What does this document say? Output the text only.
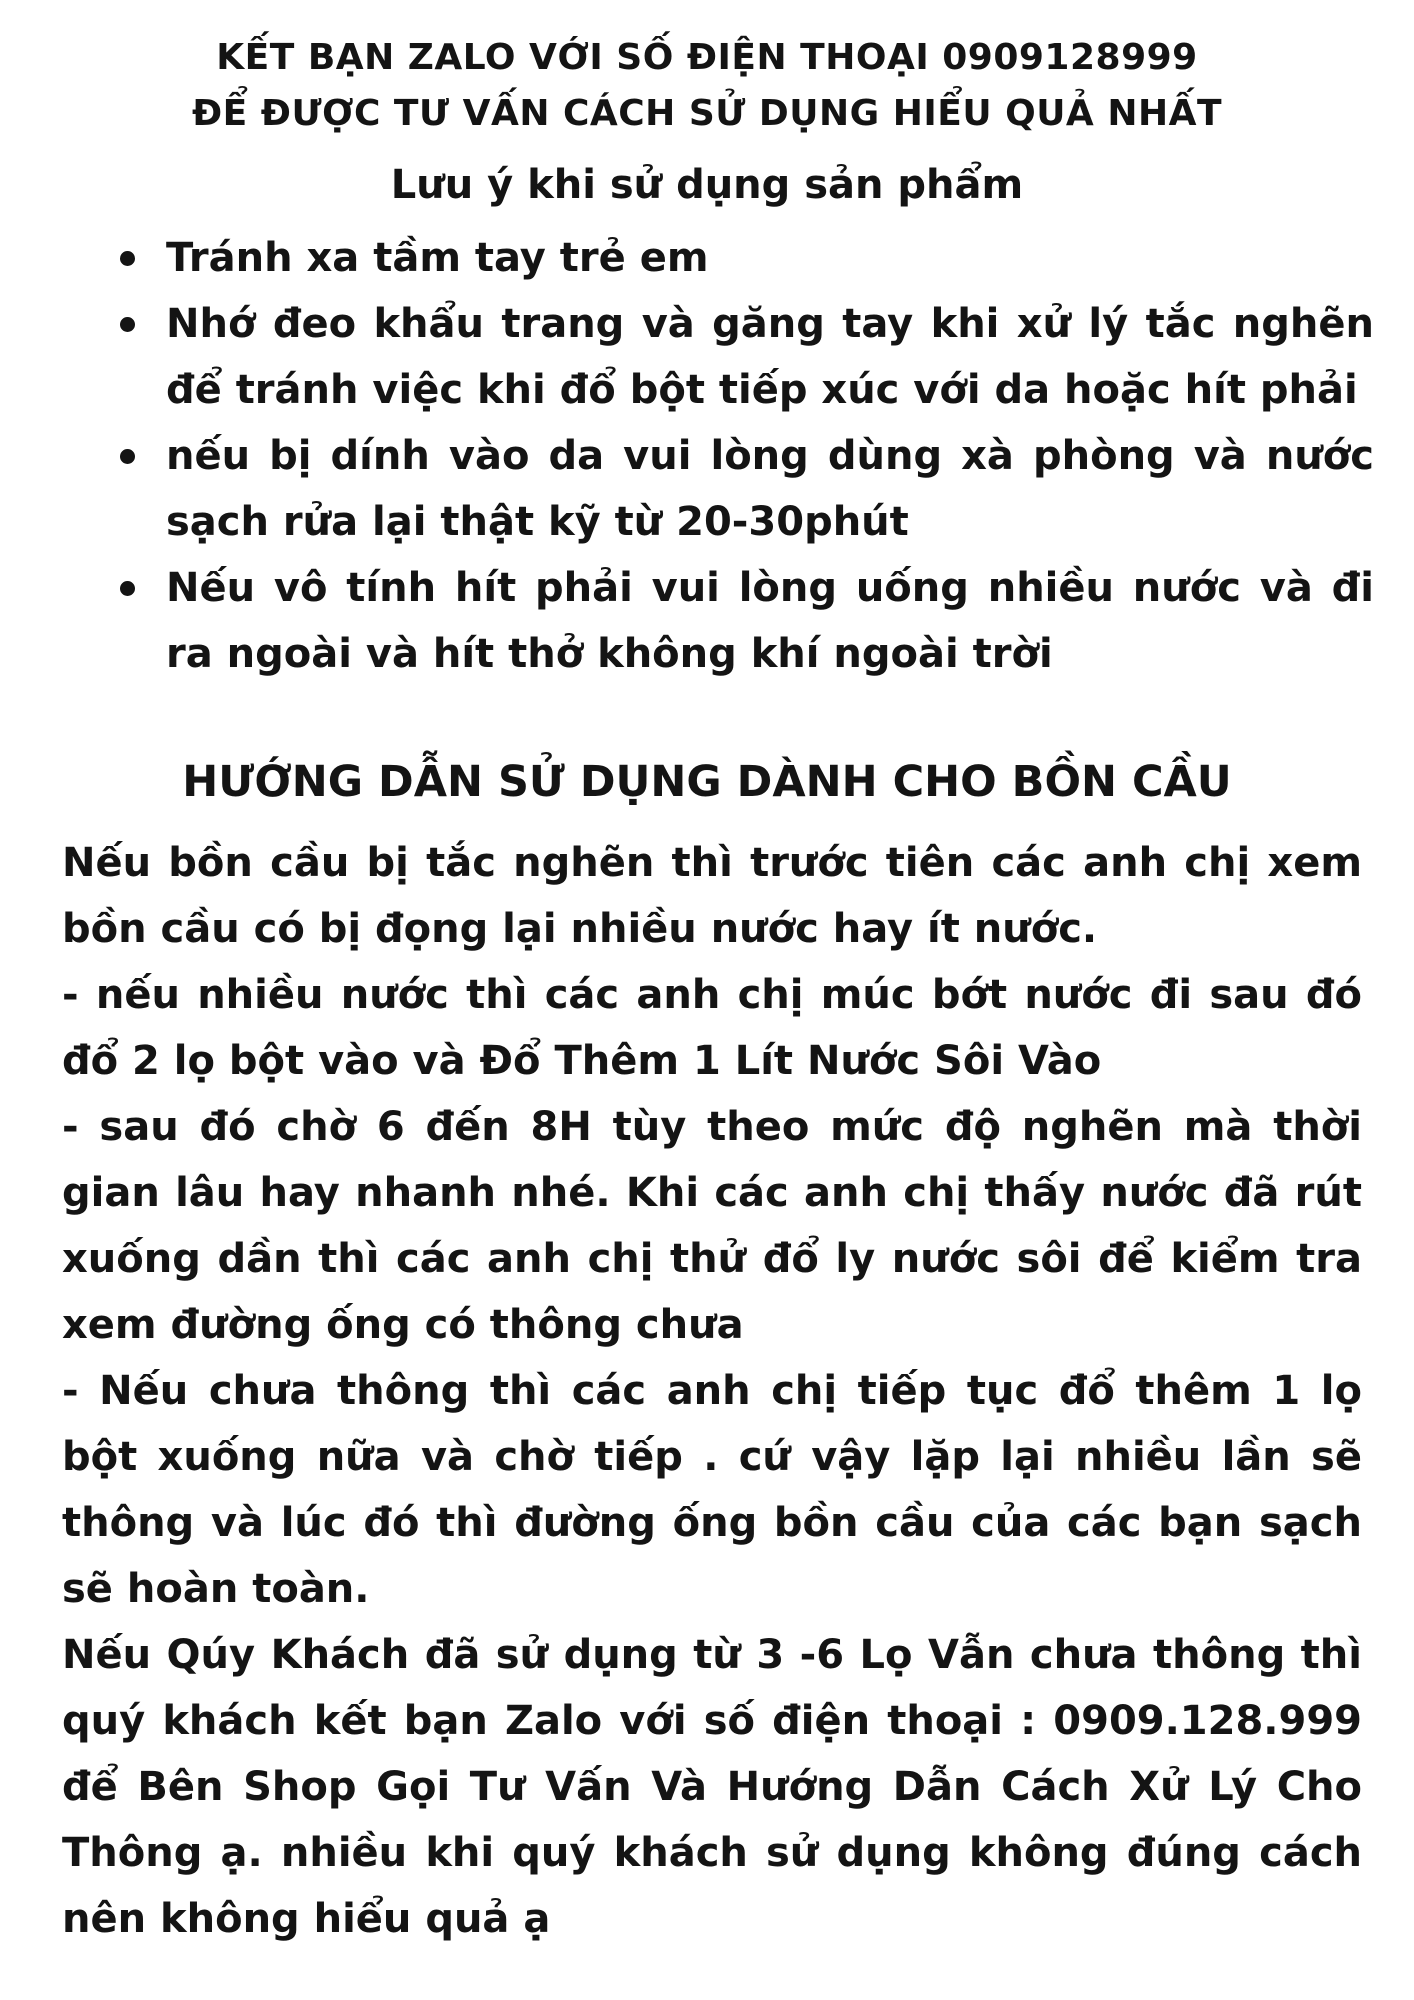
KẾT BẠN ZALO VỚI SỐ ĐIỆN THOẠI 0909128999
ĐỂ ĐƯỢC TƯ VẤN CÁCH SỬ DỤNG HIỂU QUẢ NHẤT
Lưu ý khi sử dụng sản phẩm
Tránh xa tầm tay trẻ em
Nhớ đeo khẩu trang và găng tay khi xử lý tắc nghẽn để tránh việc khi đổ bột tiếp xúc với da hoặc hít phải
nếu bị dính vào da vui lòng dùng xà phòng và nước sạch rửa lại thật kỹ từ 20-30phút
Nếu vô tính hít phải vui lòng uống nhiều nước và đi ra ngoài và hít thở không khí ngoài trời
HƯỚNG DẪN SỬ DỤNG DÀNH CHO BỒN CẦU

Nếu bồn cầu bị tắc nghẽn thì trước tiên các anh chị xem bồn cầu có bị đọng lại nhiều nước hay ít nước.

- nếu nhiều nước thì các anh chị múc bớt nước đi sau đó đổ 2 lọ bột vào và Đổ Thêm 1 Lít Nước Sôi Vào

- sau đó chờ 6 đến 8H tùy theo mức độ nghẽn mà thời gian lâu hay nhanh nhé. Khi các anh chị thấy nước đã rút xuống dần thì các anh chị thử đổ ly nước sôi để kiểm tra xem đường ống có thông chưa

- Nếu chưa thông thì các anh chị tiếp tục đổ thêm 1 lọ bột xuống nữa và chờ tiếp . cứ vậy lặp lại nhiều lần sẽ thông và lúc đó thì đường ống bồn cầu của các bạn sạch sẽ hoàn toàn.

Nếu Qúy Khách đã sử dụng từ 3 -6 Lọ Vẫn chưa thông thì quý khách kết bạn Zalo với số điện thoại : 0909.128.999 để Bên Shop Gọi Tư Vấn Và Hướng Dẫn Cách Xử Lý Cho Thông ạ. nhiều khi quý khách sử dụng không đúng cách nên không hiểu quả ạ
